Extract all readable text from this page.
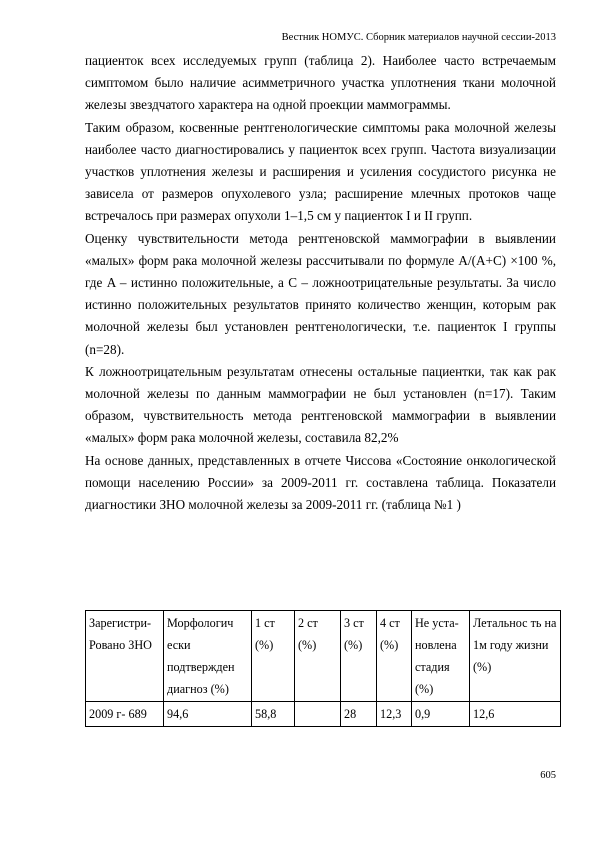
Вестник НОМУС. Сборник материалов научной сессии-2013

пациенток всех исследуемых групп (таблица 2). Наиболее часто встречаемым симптомом было наличие асимметричного участка уплотнения ткани молочной железы звездчатого характера на одной проекции маммограммы.

Таким образом, косвенные рентгенологические симптомы рака молочной железы наиболее часто диагностировались у пациенток всех групп. Частота визуализации участков уплотнения железы и расширения и усиления сосудистого рисунка не зависела от размеров опухолевого узла; расширение млечных протоков чаще встречалось при размерах опухоли 1–1,5 см у пациенток I и II групп.

Оценку чувствительности метода рентгеновской маммографии в выявлении «малых» форм рака молочной железы рассчитывали по формуле A/(A+C) ×100 %, где A – истинно положительные, а C – ложноотрицательные результаты. За число истинно положительных результатов принято количество женщин, которым рак молочной железы был установлен рентгенологически, т.е. пациенток I группы (n=28).

К ложноотрицательным результатам отнесены остальные пациентки, так как рак молочной железы по данным маммографии не был установлен (n=17). Таким образом, чувствительность метода рентгеновской маммографии в выявлении «малых» форм рака молочной железы, составила 82,2%

На основе данных, представленных в отчете Чиссова «Состояние онкологической помощи населению России» за 2009-2011 гг. составлена таблица. Показатели диагностики ЗНО молочной железы за 2009-2011 гг. (таблица №1 )

Зарегистри-Ровано ЗНО	Морфологич ески подтвержден диагноз (%)	1 ст (%)	2 ст (%)	3 ст (%)	4 ст (%)	Не уста-новлена стадия (%)	Летальнос ть на 1м году жизни (%)
2009 г- 689	94,6	58,8		28	12,3	0,9	12,6
605
